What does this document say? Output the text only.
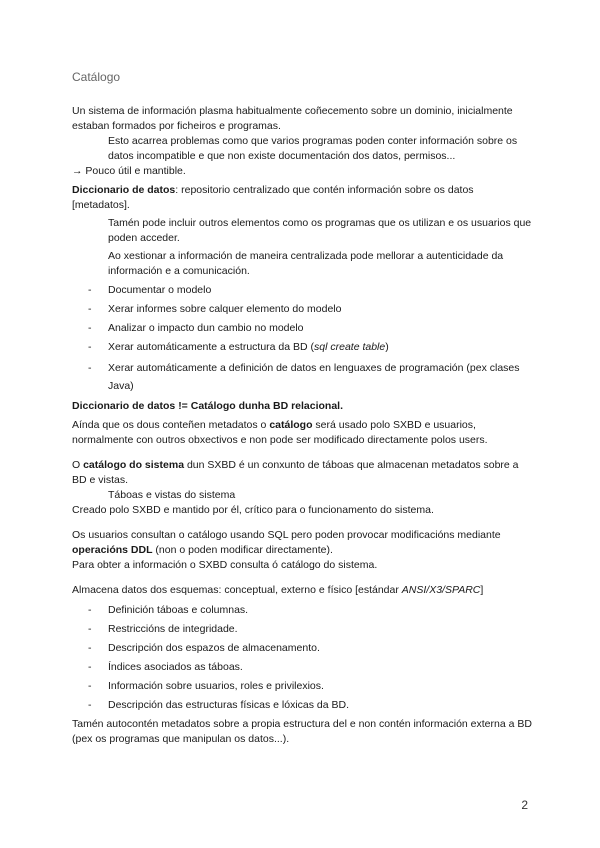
Catálogo

Un sistema de información plasma habitualmente coñecemento sobre un dominio, inicialmente estaban formados por ficheiros e programas.

Esto acarrea problemas como que varios programas poden conter información sobre os datos incompatible e que non existe documentación dos datos, permisos...

→ Pouco útil e mantible.

Diccionario de datos: repositorio centralizado que contén información sobre os datos [metadatos].

Tamén pode incluir outros elementos como os programas que os utilizan e os usuarios que poden acceder.

Ao xestionar a información de maneira centralizada pode mellorar a autenticidade da información e a comunicación.

- Documentar o modelo
- Xerar informes sobre calquer elemento do modelo
- Analizar o impacto dun cambio no modelo
- Xerar automáticamente a estructura da BD (sql create table)
- Xerar automáticamente a definición de datos en lenguaxes de programación (pex clases Java)

Diccionario de datos != Catálogo dunha BD relacional.

Aínda que os dous conteñen metadatos o catálogo será usado polo SXBD e usuarios, normalmente con outros obxectivos e non pode ser modificado directamente polos users.

O catálogo do sistema dun SXBD é un conxunto de táboas que almacenan metadatos sobre a BD e vistas.

Táboas e vistas do sistema

Creado polo SXBD e mantido por él, crítico para o funcionamento do sistema.

Os usuarios consultan o catálogo usando SQL pero poden provocar modificacións mediante operacións DDL (non o poden modificar directamente).

Para obter a información o SXBD consulta ó catálogo do sistema.

Almacena datos dos esquemas: conceptual, externo e físico [estándar ANSI/X3/SPARC]

- Definición táboas e columnas.
- Restriccións de integridade.
- Descripción dos espazos de almacenamento.
- Índices asociados as táboas.
- Información sobre usuarios, roles e privilexios.
- Descripción das estructuras físicas e lóxicas da BD.

Tamén autocontén metadatos sobre a propia estructura del e non contén información externa a BD (pex os programas que manipulan os datos...).

2
